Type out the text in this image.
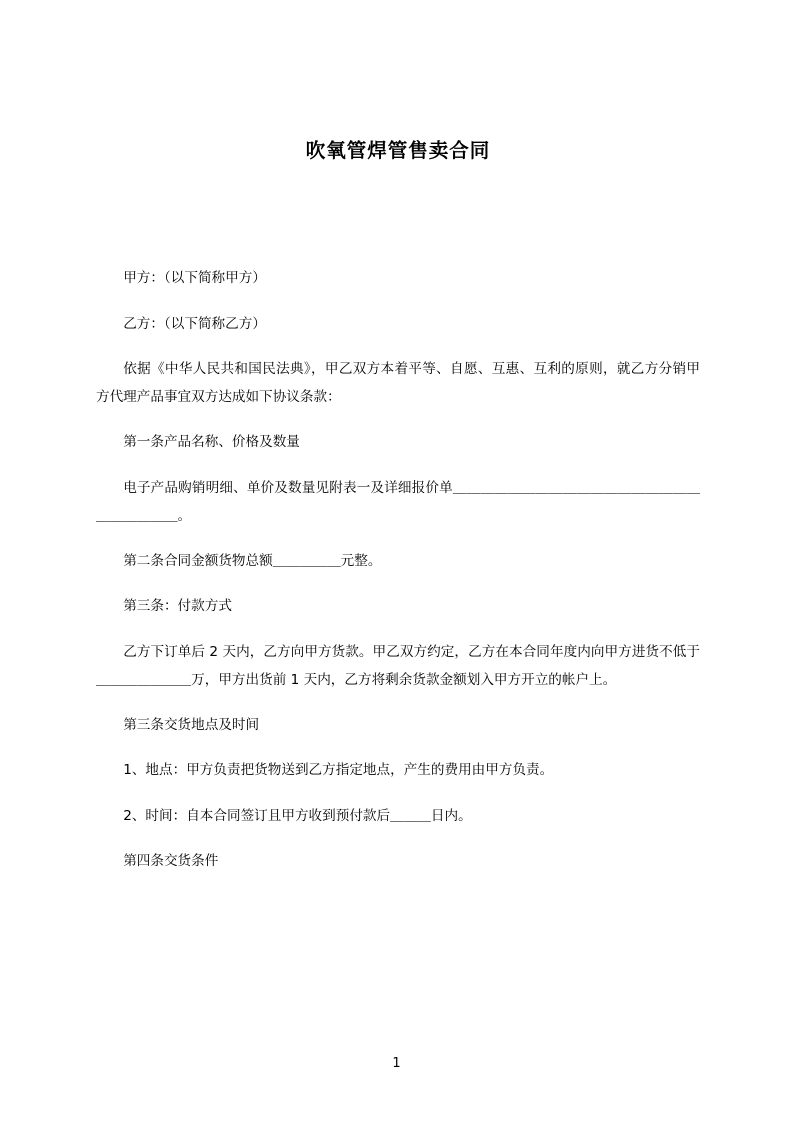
吹氧管焊管售卖合同

甲方：（以下简称甲方）

乙方：（以下简称乙方）

依据《中华人民共和国民法典》，甲乙双方本着平等、自愿、互惠、互利的原则，就乙方分销甲方代理产品事宜双方达成如下协议条款：

第一条产品名称、价格及数量

电子产品购销明细、单价及数量见附表一及详细报价单＿＿＿＿＿＿＿＿＿＿＿＿＿＿＿＿＿＿＿＿＿＿＿＿。

第二条合同金额货物总额＿＿＿＿＿元整。

第三条：付款方式

乙方下订单后 2 天内，乙方向甲方货款。甲乙双方约定，乙方在本合同年度内向甲方进货不低于＿＿＿＿＿＿＿万，甲方出货前 1 天内，乙方将剩余货款金额划入甲方开立的帐户上。

第三条交货地点及时间

1、地点：甲方负责把货物送到乙方指定地点，产生的费用由甲方负责。

2、时间：自本合同签订且甲方收到预付款后＿＿＿日内。

第四条交货条件

1
